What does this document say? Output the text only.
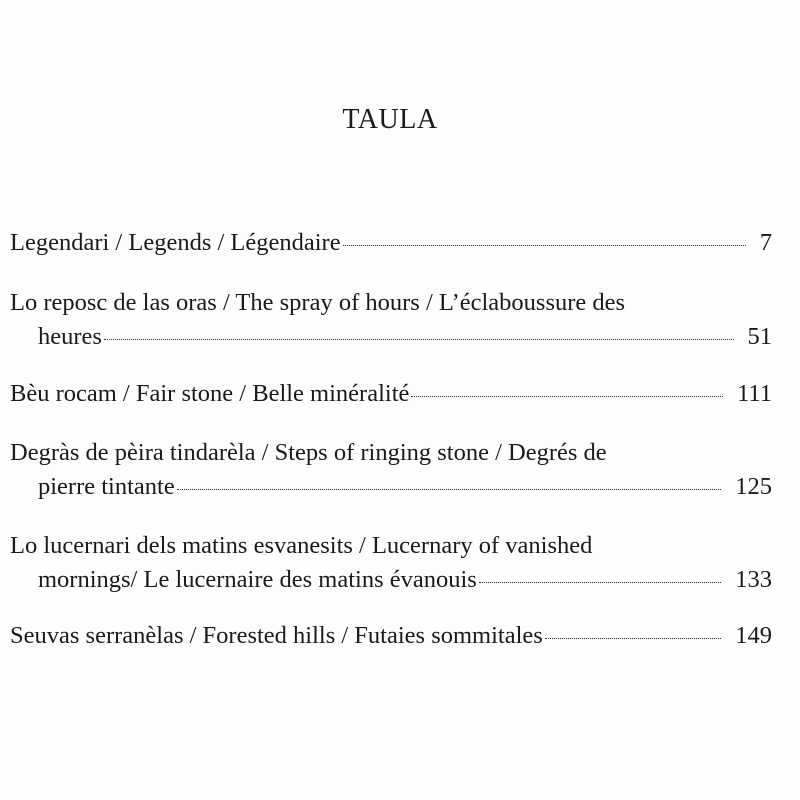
TAULA
Legendari / Legends / Légendaire	7
Lo reposc de las oras / The spray of hours / L’éclaboussure des
heures	51
Bèu rocam / Fair stone / Belle minéralité	111
Degràs de pèira tindarèla / Steps of ringing stone / Degrés de
pierre tintante	125
Lo lucernari dels matins esvanesits / Lucernary of vanished
mornings/ Le lucernaire des matins évanouis	133
Seuvas serranèlas / Forested hills / Futaies sommitales	149
